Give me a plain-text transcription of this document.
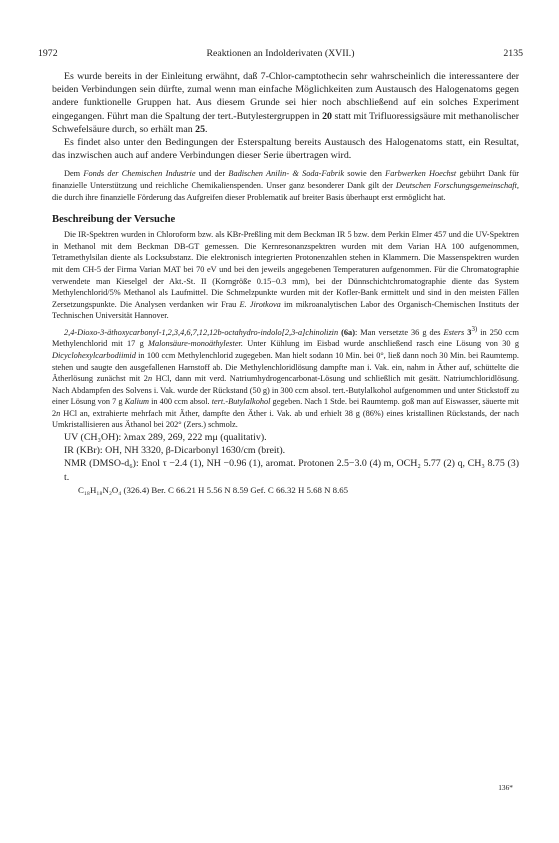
1972	Reaktionen an Indolderivaten (XVII.)	2135

Es wurde bereits in der Einleitung erwähnt, daß 7-Chlor-camptothecin sehr wahrscheinlich die interessantere der beiden Verbindungen sein dürfte, zumal wenn man einfache Möglichkeiten zum Austausch des Halogenatoms gegen andere funktionelle Gruppen hat. Aus diesem Grunde sei hier noch abschließend auf ein solches Experiment eingegangen. Führt man die Spaltung der tert.-Butylestergruppen in 20 statt mit Trifluoressigsäure mit methanolischer Schwefelsäure durch, so erhält man 25.

Es findet also unter den Bedingungen der Esterspaltung bereits Austausch des Halogenatoms statt, ein Resultat, das inzwischen auch auf andere Verbindungen dieser Serie übertragen wird.

Dem Fonds der Chemischen Industrie und der Badischen Anilin- & Soda-Fabrik sowie den Farbwerken Hoechst gebührt Dank für finanzielle Unterstützung und reichliche Chemikalienspenden. Unser ganz besonderer Dank gilt der Deutschen Forschungsgemeinschaft, die durch ihre finanzielle Förderung das Aufgreifen dieser Problematik auf breiter Basis überhaupt erst ermöglicht hat.

Beschreibung der Versuche

Die IR-Spektren wurden in Chloroform bzw. als KBr-Preßling mit dem Beckman IR 5 bzw. dem Perkin Elmer 457 und die UV-Spektren in Methanol mit dem Beckman DB-GT gemessen. Die Kernresonanzspektren wurden mit dem Varian HA 100 aufgenommen, Tetramethylsilan diente als Locksubstanz. Die elektronisch integrierten Protonenzahlen stehen in Klammern. Die Massenspektren wurden mit dem CH-5 der Firma Varian MAT bei 70 eV und bei den jeweils angegebenen Temperaturen aufgenommen. Für die Chromatographie verwendete man Kieselgel der Akt.-St. II (Korngröße 0.15−0.3 mm), bei der Dünnschichtchromatographie diente das System Methylenchlorid/5% Methanol als Laufmittel. Die Schmelzpunkte wurden mit der Kofler-Bank ermittelt und sind in den meisten Fällen Zersetzungspunkte. Die Analysen verdanken wir Frau E. Jirotkova im mikroanalytischen Labor des Organisch-Chemischen Instituts der Technischen Universität Hannover.

2,4-Dioxo-3-äthoxycarbonyl-1,2,3,4,6,7,12,12b-octahydro-indolo[2,3-a]chinolizin (6a): Man versetzte 36 g des Esters 3$^{3)}$ in 250 ccm Methylenchlorid mit 17 g Malonsäure-monoäthylester. Unter Kühlung im Eisbad wurde anschließend rasch eine Lösung von 30 g Dicyclohexylcarbodiimid in 100 ccm Methylenchlorid zugegeben. Man hielt sodann 10 Min. bei 0°, ließ dann noch 30 Min. bei Raumtemp. stehen und saugte den ausgefallenen Harnstoff ab. Die Methylenchloridlösung dampfte man i. Vak. ein, nahm in Äther auf, schüttelte die Ätherlösung zunächst mit 2n HCl, dann mit verd. Natriumhydrogencarbonat-Lösung und schließlich mit gesätt. Natriumchloridlösung. Nach Abdampfen des Solvens i. Vak. wurde der Rückstand (50 g) in 300 ccm absol. tert.-Butylalkohol aufgenommen und unter Stickstoff zu einer Lösung von 7 g Kalium in 400 ccm absol. tert.-Butylalkohol gegeben. Nach 1 Stde. bei Raumtemp. goß man auf Eiswasser, säuerte mit 2n HCl an, extrahierte mehrfach mit Äther, dampfte den Äther i. Vak. ab und erhielt 38 g (86%) eines kristallinen Rückstands, der nach Umkristallisieren aus Äthanol bei 202° (Zers.) schmolz.

UV (CH₃OH): λmax 289, 269, 222 mμ (qualitativ).

IR (KBr): OH, NH 3320, β-Dicarbonyl 1630/cm (breit).

NMR (DMSO-d₆): Enol τ −2.4 (1), NH −0.96 (1), aromat. Protonen 2.5−3.0 (4) m, OCH₂ 5.77 (2) q, CH₃ 8.75 (3) t.

C₁₈H₁₈N₂O₄ (326.4) Ber. C 66.21 H 5.56 N 8.59 Gef. C 66.32 H 5.68 N 8.65

136*
